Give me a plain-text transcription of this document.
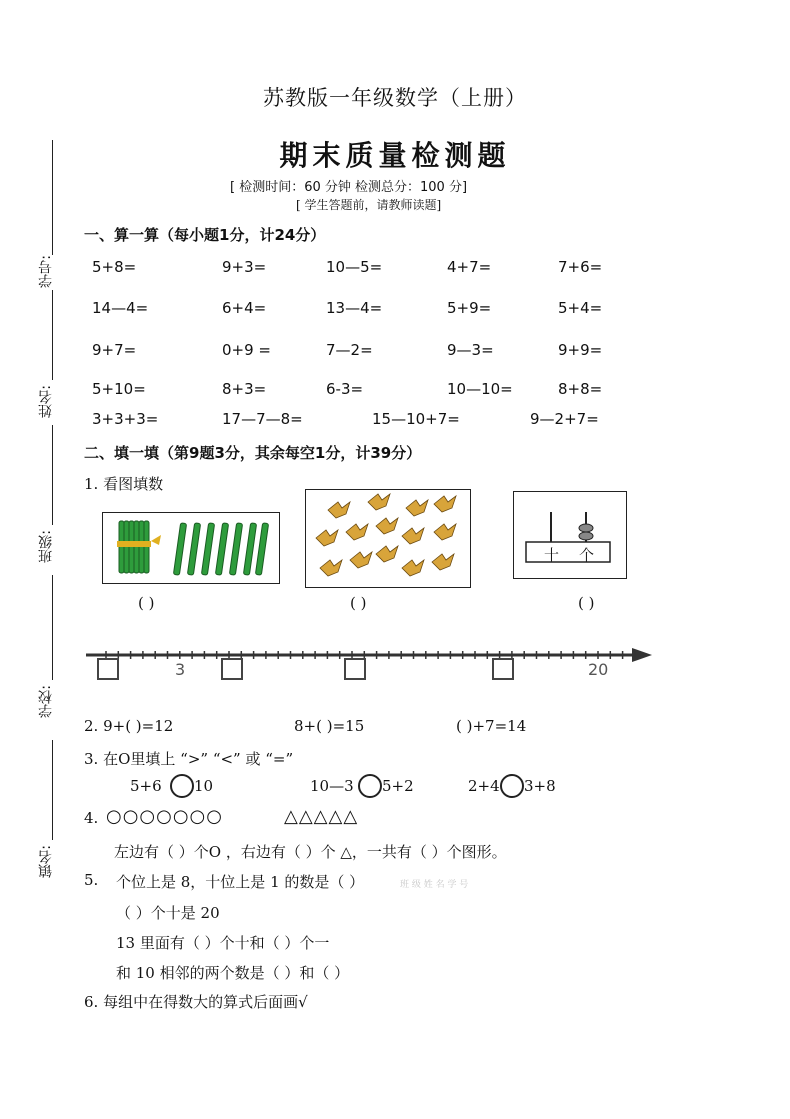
学号:
姓名:
班级:
学校:
镇名:
苏教版一年级数学（上册）
期末质量检测题
[ 检测时间：60 分钟 检测总分：100 分]
[ 学生答题前，请教师读题]
一、算一算（每小题1分，计24分）
5+8=	9+3=	10—5=	4+7=	7+6=
14—4=	6+4=	13—4=	5+9=	5+4=
9+7=	0+9 =	7—2=	9—3=	9+9=
5+10=	8+3=	6-3=	10—10=	8+8=
3+3+3=	17—7—8=	15—10+7=	9—2+7=
二、填一填（第9题3分，其余每空1分，计39分）
1. 看图填数
十 个
( )	( )	( )
3	20
2. 9+( )=12	8+( )=15	( )+7=14
3. 在O里填上 “>” “<” 或 “=”
5+6 10	10—3 5+2	2+4 3+8
4. ○○○○○○○	△△△△△
左边有（ ）个O ，右边有（ ）个 △，一共有（ ）个图形。
5. 个位上是 8，十位上是 1 的数是（ ）	班 级 姓 名 学 号
（ ）个十是 20
13 里面有（ ）个十和（ ）个一
和 10 相邻的两个数是（ ）和（ ）
6. 每组中在得数大的算式后面画√
